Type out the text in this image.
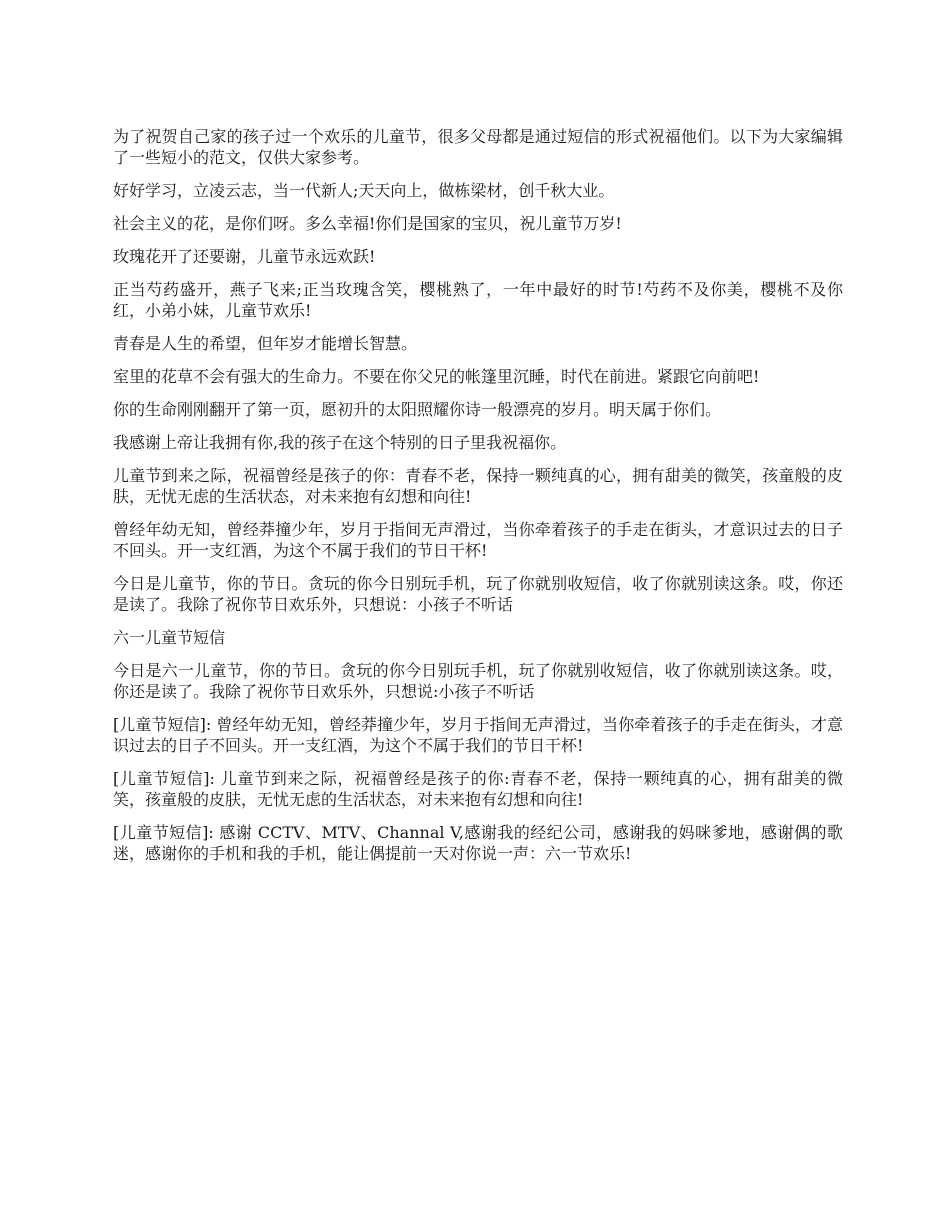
为了祝贺自己家的孩子过一个欢乐的儿童节，很多父母都是通过短信的形式祝福他们。以下为大家编辑了一些短小的范文，仅供大家参考。

好好学习，立凌云志，当一代新人;天天向上，做栋梁材，创千秋大业。

社会主义的花，是你们呀。多么幸福!你们是国家的宝贝，祝儿童节万岁!

玫瑰花开了还要谢，儿童节永远欢跃!

正当芍药盛开，燕子飞来;正当玫瑰含笑，樱桃熟了，一年中最好的时节!芍药不及你美，樱桃不及你红，小弟小妹，儿童节欢乐!

青春是人生的希望，但年岁才能增长智慧。

室里的花草不会有强大的生命力。不要在你父兄的帐篷里沉睡，时代在前进。紧跟它向前吧!

你的生命刚刚翻开了第一页，愿初升的太阳照耀你诗一般漂亮的岁月。明天属于你们。

我感谢上帝让我拥有你,我的孩子在这个特别的日子里我祝福你。

儿童节到来之际，祝福曾经是孩子的你：青春不老，保持一颗纯真的心，拥有甜美的微笑，孩童般的皮肤，无忧无虑的生活状态，对未来抱有幻想和向往!

曾经年幼无知，曾经莽撞少年，岁月于指间无声滑过，当你牵着孩子的手走在街头，才意识过去的日子不回头。开一支红酒，为这个不属于我们的节日干杯!

今日是儿童节，你的节日。贪玩的你今日别玩手机，玩了你就别收短信，收了你就别读这条。哎，你还是读了。我除了祝你节日欢乐外，只想说：小孩子不听话

六一儿童节短信

今日是六一儿童节，你的节日。贪玩的你今日别玩手机，玩了你就别收短信，收了你就别读这条。哎，你还是读了。我除了祝你节日欢乐外，只想说:小孩子不听话

[儿童节短信]: 曾经年幼无知，曾经莽撞少年，岁月于指间无声滑过，当你牵着孩子的手走在街头，才意识过去的日子不回头。开一支红酒，为这个不属于我们的节日干杯!

[儿童节短信]: 儿童节到来之际，祝福曾经是孩子的你:青春不老，保持一颗纯真的心，拥有甜美的微笑，孩童般的皮肤，无忧无虑的生活状态，对未来抱有幻想和向往!

[儿童节短信]: 感谢 CCTV、MTV、Channal V,感谢我的经纪公司，感谢我的妈咪爹地，感谢偶的歌迷，感谢你的手机和我的手机，能让偶提前一天对你说一声：六一节欢乐!
